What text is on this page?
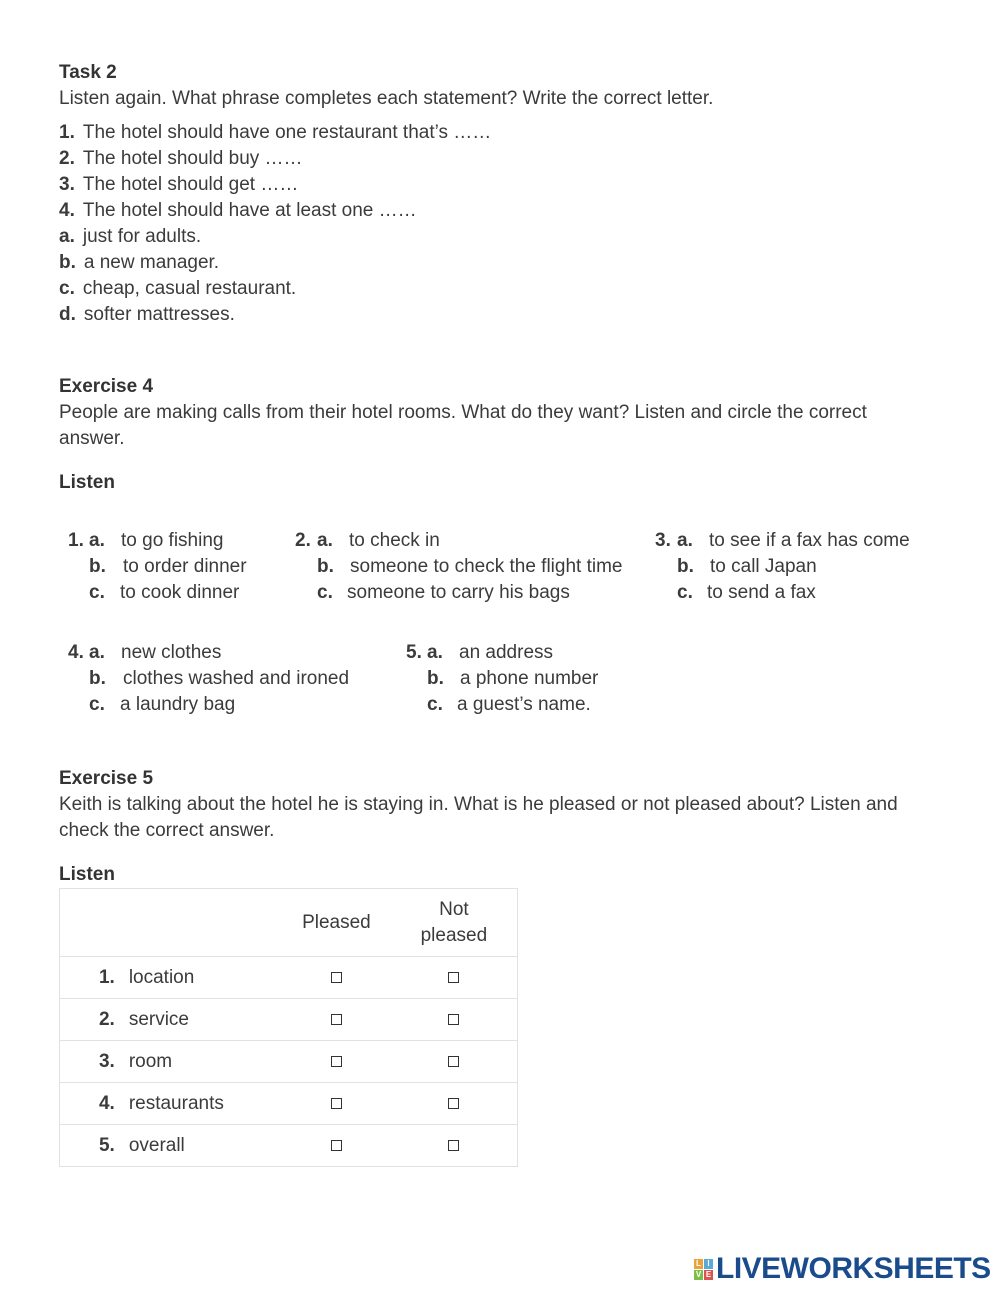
Task 2
Listen again. What phrase completes each statement? Write the correct letter.
1. The hotel should have one restaurant that’s ……
2. The hotel should buy ……
3. The hotel should get ……
4. The hotel should have at least one ……
a. just for adults.
b. a new manager.
c. cheap, casual restaurant.
d. softer mattresses.
Exercise 4
People are making calls from their hotel rooms. What do they want? Listen and circle the correct
answer.
Listen
1. a. to go fishing
b. to order dinner
c. to cook dinner
2. a. to check in
b. someone to check the flight time
c. someone to carry his bags
3. a. to see if a fax has come
b. to call Japan
c. to send a fax
4. a. new clothes
b. clothes washed and ironed
c. a laundry bag
5. a. an address
b. a phone number
c. a guest’s name.
Exercise 5
Keith is talking about the hotel he is staying in. What is he pleased or not pleased about? Listen and
check the correct answer.
Listen
		Pleased	Not
pleased
1.	location		
2.	service		
3.	room		
4.	restaurants		
5.	overall		
L I
V E LIVEWORKSHEETS
